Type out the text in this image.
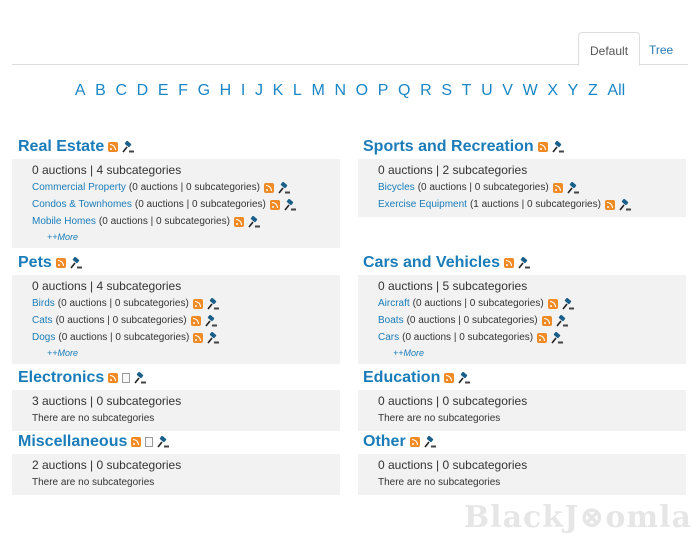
Default	Tree
A B C D E F G H I J K L M N O P Q R S T U V W X Y Z All
Real Estate
0 auctions | 4 subcategories
Commercial Property (0 auctions | 0 subcategories)
Condos & Townhomes (0 auctions | 0 subcategories)
Mobile Homes (0 auctions | 0 subcategories)
++More
Sports and Recreation
0 auctions | 2 subcategories
Bicycles (0 auctions | 0 subcategories)
Exercise Equipment (1 auctions | 0 subcategories)
Pets
0 auctions | 4 subcategories
Birds (0 auctions | 0 subcategories)
Cats (0 auctions | 0 subcategories)
Dogs (0 auctions | 0 subcategories)
++More
Cars and Vehicles
0 auctions | 5 subcategories
Aircraft (0 auctions | 0 subcategories)
Boats (0 auctions | 0 subcategories)
Cars (0 auctions | 0 subcategories)
++More
Electronics
3 auctions | 0 subcategories
There are no subcategories
Education
0 auctions | 0 subcategories
There are no subcategories
Miscellaneous
2 auctions | 0 subcategories
There are no subcategories
Other
0 auctions | 0 subcategories
There are no subcategories
BlackJ⊗omla
